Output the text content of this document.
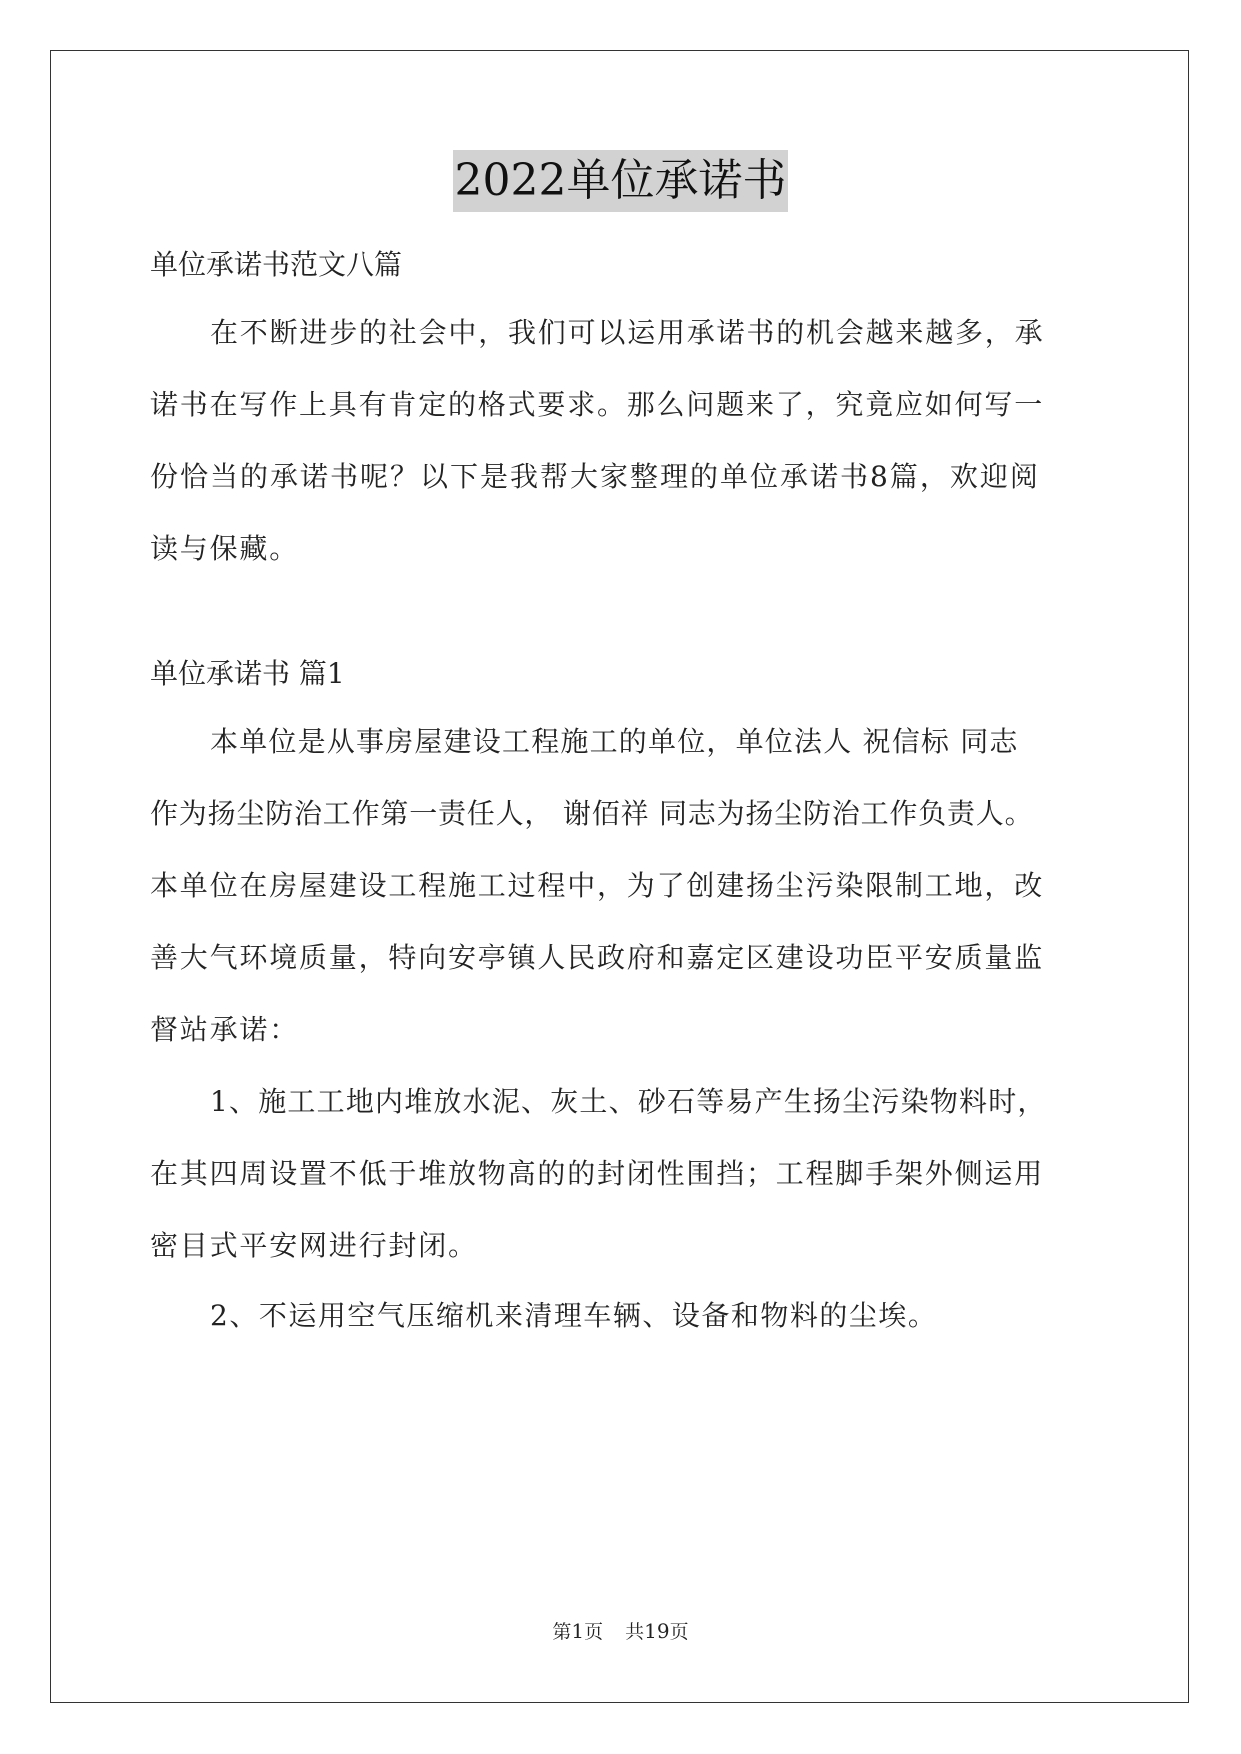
2022单位承诺书
单位承诺书范文八篇
在不断进步的社会中，我们可以运用承诺书的机会越来越多，承
诺书在写作上具有肯定的格式要求。那么问题来了，究竟应如何写一
份恰当的承诺书呢？以下是我帮大家整理的单位承诺书8篇，欢迎阅
读与保藏。
单位承诺书 篇1
本单位是从事房屋建设工程施工的单位，单位法人 祝信标 同志
作为扬尘防治工作第一责任人， 谢佰祥 同志为扬尘防治工作负责人。
本单位在房屋建设工程施工过程中，为了创建扬尘污染限制工地，改
善大气环境质量，特向安亭镇人民政府和嘉定区建设功臣平安质量监
督站承诺：
1、施工工地内堆放水泥、灰土、砂石等易产生扬尘污染物料时，
在其四周设置不低于堆放物高的的封闭性围挡；工程脚手架外侧运用
密目式平安网进行封闭。
2、不运用空气压缩机来清理车辆、设备和物料的尘埃。
第1页 共19页
